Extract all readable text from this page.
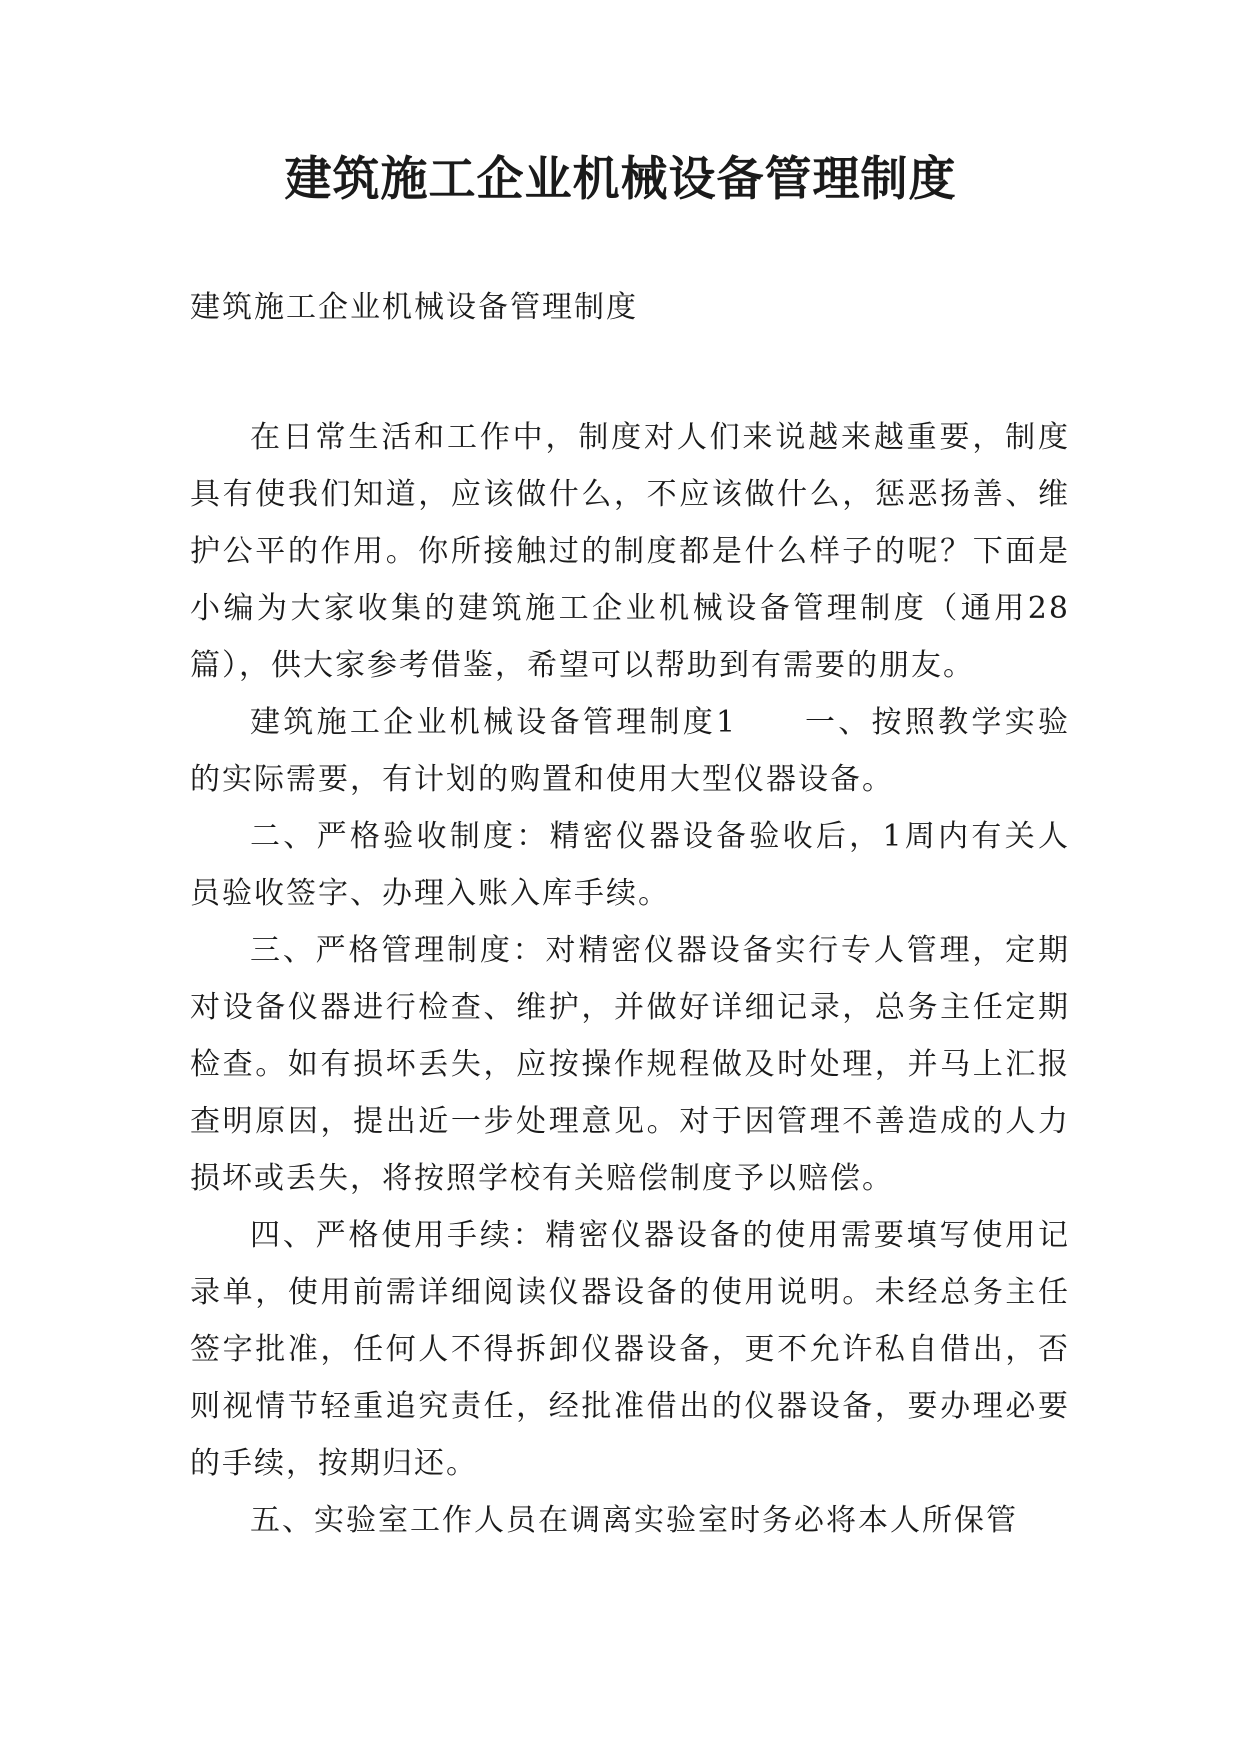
建筑施工企业机械设备管理制度

建筑施工企业机械设备管理制度

在日常生活和工作中，制度对人们来说越来越重要，制度具有使我们知道，应该做什么，不应该做什么，惩恶扬善、维护公平的作用。你所接触过的制度都是什么样子的呢？下面是小编为大家收集的建筑施工企业机械设备管理制度（通用28篇），供大家参考借鉴，希望可以帮助到有需要的朋友。

建筑施工企业机械设备管理制度1　　一、按照教学实验的实际需要，有计划的购置和使用大型仪器设备。

二、严格验收制度：精密仪器设备验收后，1周内有关人员验收签字、办理入账入库手续。

三、严格管理制度：对精密仪器设备实行专人管理，定期对设备仪器进行检查、维护，并做好详细记录，总务主任定期检查。如有损坏丢失，应按操作规程做及时处理，并马上汇报查明原因，提出近一步处理意见。对于因管理不善造成的人力损坏或丢失，将按照学校有关赔偿制度予以赔偿。

四、严格使用手续：精密仪器设备的使用需要填写使用记录单，使用前需详细阅读仪器设备的使用说明。未经总务主任签字批准，任何人不得拆卸仪器设备，更不允许私自借出，否则视情节轻重追究责任，经批准借出的仪器设备，要办理必要的手续，按期归还。

五、实验室工作人员在调离实验室时务必将本人所保管
